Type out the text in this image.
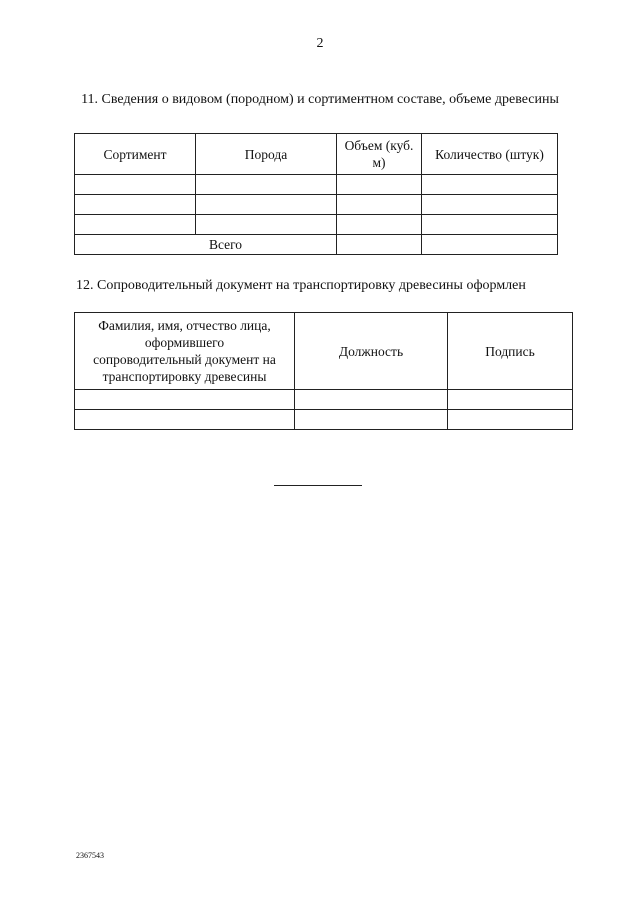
2
11. Сведения о видовом (породном) и сортиментном составе, объеме древесины
Сортимент	Порода	Объем (куб. м)	Количество (штук)

Всего			
12. Сопроводительный документ на транспортировку древесины оформлен
Фамилия, имя, отчество лица, оформившего сопроводительный документ на транспортировку древесины	Должность	Подпись

2367543
